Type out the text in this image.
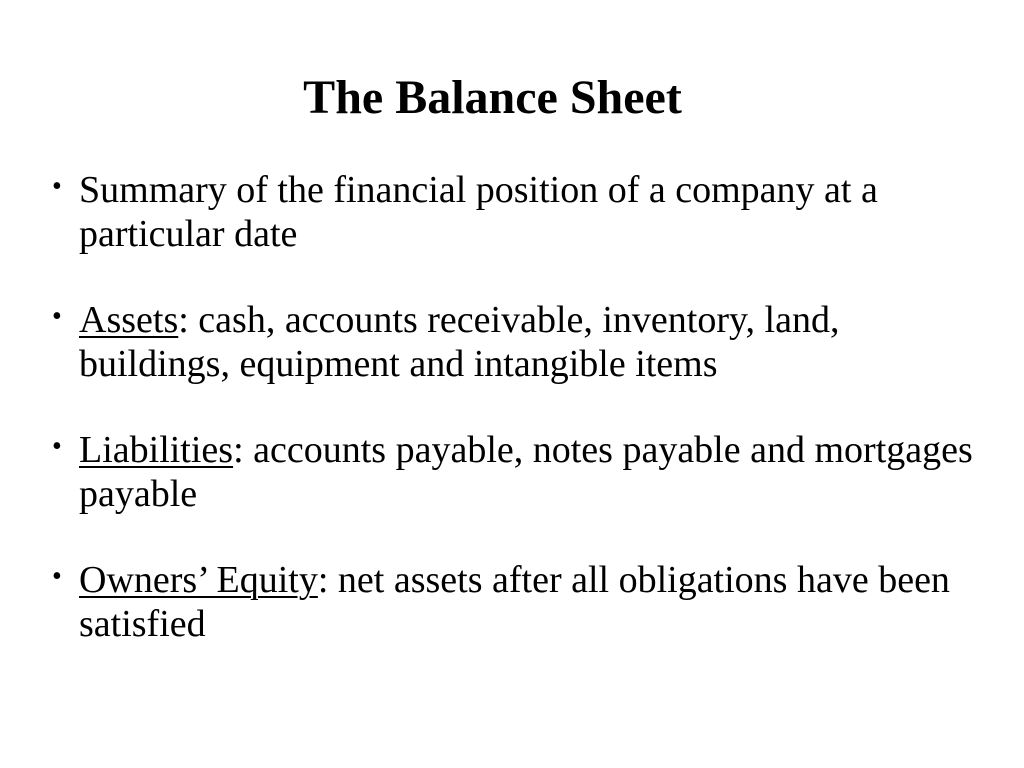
The Balance Sheet
• Summary of the financial position of a company at a particular date
• Assets: cash, accounts receivable, inventory, land, buildings, equipment and intangible items
• Liabilities: accounts payable, notes payable and mortgages payable
• Owners’ Equity: net assets after all obligations have been satisfied
